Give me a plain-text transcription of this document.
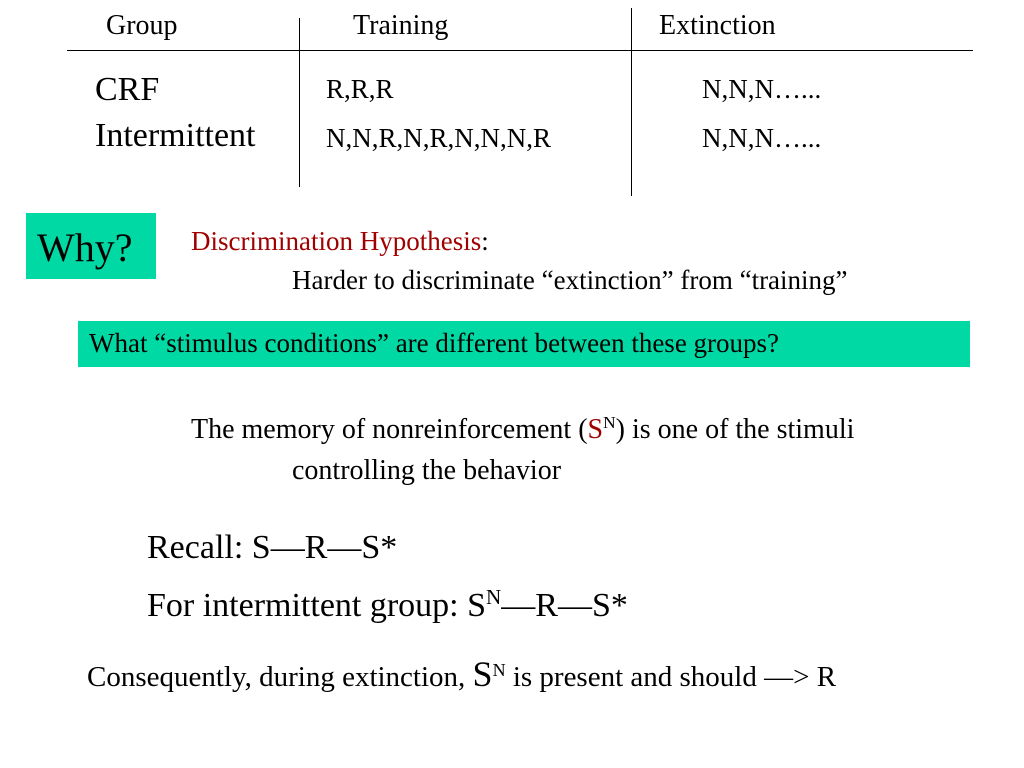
Group	Training	Extinction
CRF	R,R,R	N,N,N…...
Intermittent	N,N,R,N,R,N,N,N,R	N,N,N…...
Why? Discrimination Hypothesis:
Harder to discriminate “extinction” from “training”
What “stimulus conditions” are different between these groups?
The memory of nonreinforcement $(S^N)$ is one of the stimuli
controlling the behavior
Recall: S—R—S*
For intermittent group: $S^N—R—S*$
Consequently, during extinction, $S^N$ is present and should —> R
